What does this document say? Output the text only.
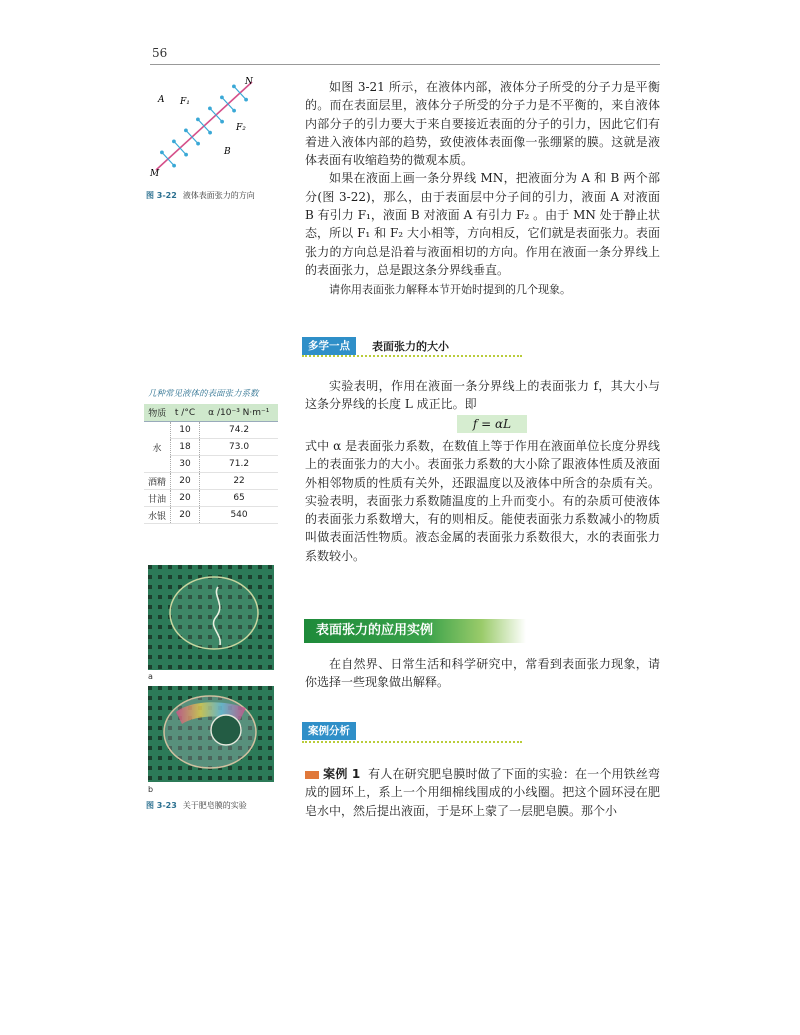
56
A F₁
N
F₂
B
M
图 3-22 液体表面张力的方向

如图 3-21 所示，在液体内部，液体分子所受的分子力是平衡的。而在表面层里，液体分子所受的分子力是不平衡的，来自液体内部分子的引力要大于来自要接近表面的分子的引力，因此它们有着进入液体内部的趋势，致使液体表面像一张绷紧的膜。这就是液体表面有收缩趋势的微观本质。

如果在液面上画一条分界线 MN，把液面分为 A 和 B 两个部分(图 3-22)，那么，由于表面层中分子间的引力，液面 A 对液面 B 有引力 F₁，液面 B 对液面 A 有引力 F₂ 。由于 MN 处于静止状态，所以 F₁ 和 F₂ 大小相等，方向相反，它们就是表面张力。表面张力的方向总是沿着与液面相切的方向。作用在液面一条分界线上的表面张力，总是跟这条分界线垂直。

请你用表面张力解释本节开始时提到的几个现象。

多学一点	表面张力的大小

实验表明，作用在液面一条分界线上的表面张力 f，其大小与这条分界线的长度 L 成正比。即

f = αL

式中 α 是表面张力系数，在数值上等于作用在液面单位长度分界线上的表面张力的大小。表面张力系数的大小除了跟液体性质及液面外相邻物质的性质有关外，还跟温度以及液体中所含的杂质有关。实验表明，表面张力系数随温度的上升而变小。有的杂质可使液体的表面张力系数增大，有的则相反。能使表面张力系数减小的物质叫做表面活性物质。液态金属的表面张力系数很大，水的表面张力系数较小。

表面张力的应用实例

在自然界、日常生活和科学研究中，常看到表面张力现象，请你选择一些现象做出解释。

案例分析

案例 1 有人在研究肥皂膜时做了下面的实验：在一个用铁丝弯成的圆环上，系上一个用细棉线围成的小线圈。把这个圆环浸在肥皂水中，然后提出液面，于是环上蒙了一层肥皂膜。那个小

几种常见液体的表面张力系数
物质	t /°C	α /10⁻³ N·m⁻¹
水	10	74.2
	18	73.0
	30	71.2
酒精	20	22
甘油	20	65
水银	20	540
a
b
图 3-23 关于肥皂膜的实验
